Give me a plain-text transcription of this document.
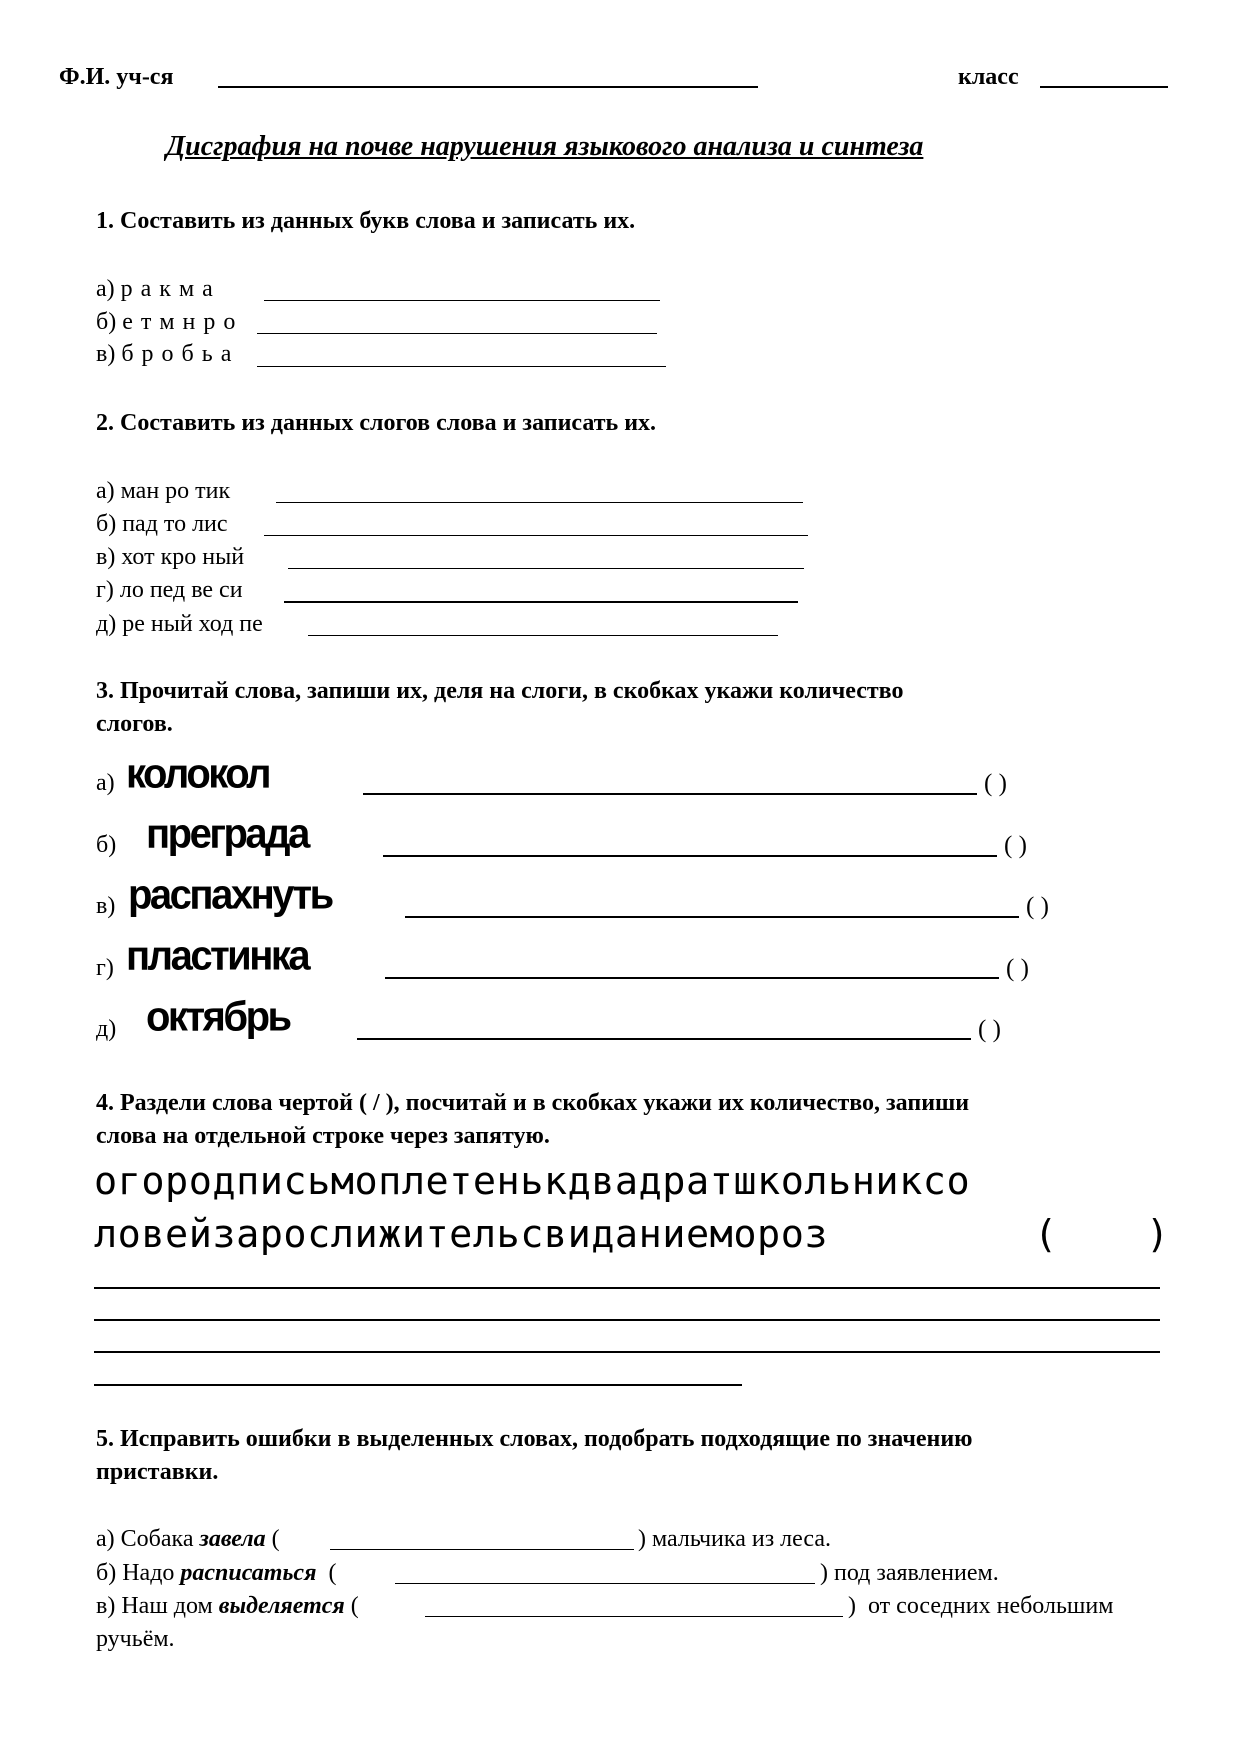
Ф.И. уч-ся	класс
Дисграфия на почве нарушения языкового анализа и синтеза
1. Составить из данных букв слова и записать их.
а) р а к м а
б) е т м н р о
в) б р о б ь а
2. Составить из данных слогов слова и записать их.
а) ман ро тик
б) пад то лис
в) хот кро ный
г) ло пед ве си
д) ре ный ход пе
3. Прочитай слова, запиши их, деля на слоги, в скобках укажи количество
слогов.
а) колокол	( )
б) преграда	( )
в) распахнуть	( )
г) пластинка	( )
д) октябрь	( )
4. Раздели слова чертой ( / ), посчитай и в скобках укажи их количество, запиши
слова на отдельной строке через запятую.
огородписьмоплетенькдвадратшкольниксо
ловейзарослижительсвиданиемороз	( )
5. Исправить ошибки в выделенных словах, подобрать подходящие по значению
приставки.
а) Собака завела (	) мальчика из леса.
б) Надо расписаться (	) под заявлением.
в) Наш дом выделяется (	)  от соседних небольшим
ручьём.
